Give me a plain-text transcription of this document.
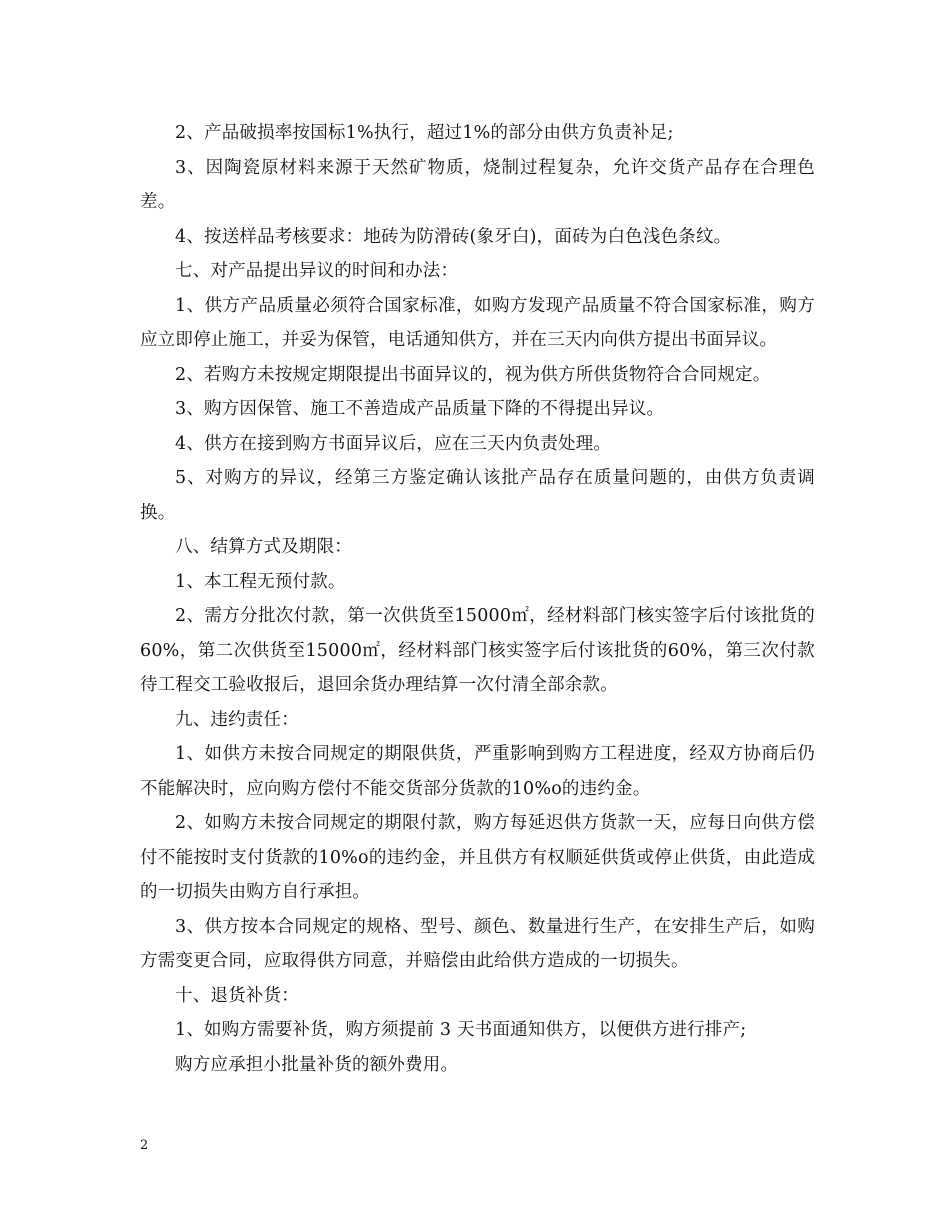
2、产品破损率按国标1%执行，超过1%的部分由供方负责补足;

3、因陶瓷原材料来源于天然矿物质，烧制过程复杂，允许交货产品存在合理色差。

4、按送样品考核要求：地砖为防滑砖(象牙白)，面砖为白色浅色条纹。

七、对产品提出异议的时间和办法：

1、供方产品质量必须符合国家标准，如购方发现产品质量不符合国家标准，购方应立即停止施工，并妥为保管，电话通知供方，并在三天内向供方提出书面异议。

2、若购方未按规定期限提出书面异议的，视为供方所供货物符合合同规定。

3、购方因保管、施工不善造成产品质量下降的不得提出异议。

4、供方在接到购方书面异议后，应在三天内负责处理。

5、对购方的异议，经第三方鉴定确认该批产品存在质量问题的，由供方负责调换。

八、结算方式及期限：

1、本工程无预付款。

2、需方分批次付款，第一次供货至15000㎡，经材料部门核实签字后付该批货的60%，第二次供货至15000㎡，经材料部门核实签字后付该批货的60%，第三次付款待工程交工验收报后，退回余货办理结算一次付清全部余款。

九、违约责任：

1、如供方未按合同规定的期限供货，严重影响到购方工程进度，经双方协商后仍不能解决时，应向购方偿付不能交货部分货款的10%o的违约金。

2、如购方未按合同规定的期限付款，购方每延迟供方货款一天，应每日向供方偿付不能按时支付货款的10%o的违约金，并且供方有权顺延供货或停止供货，由此造成的一切损失由购方自行承担。

3、供方按本合同规定的规格、型号、颜色、数量进行生产，在安排生产后，如购方需变更合同，应取得供方同意，并赔偿由此给供方造成的一切损失。

十、退货补货：

1、如购方需要补货，购方须提前 3 天书面通知供方，以便供方进行排产;

购方应承担小批量补货的额外费用。

2
